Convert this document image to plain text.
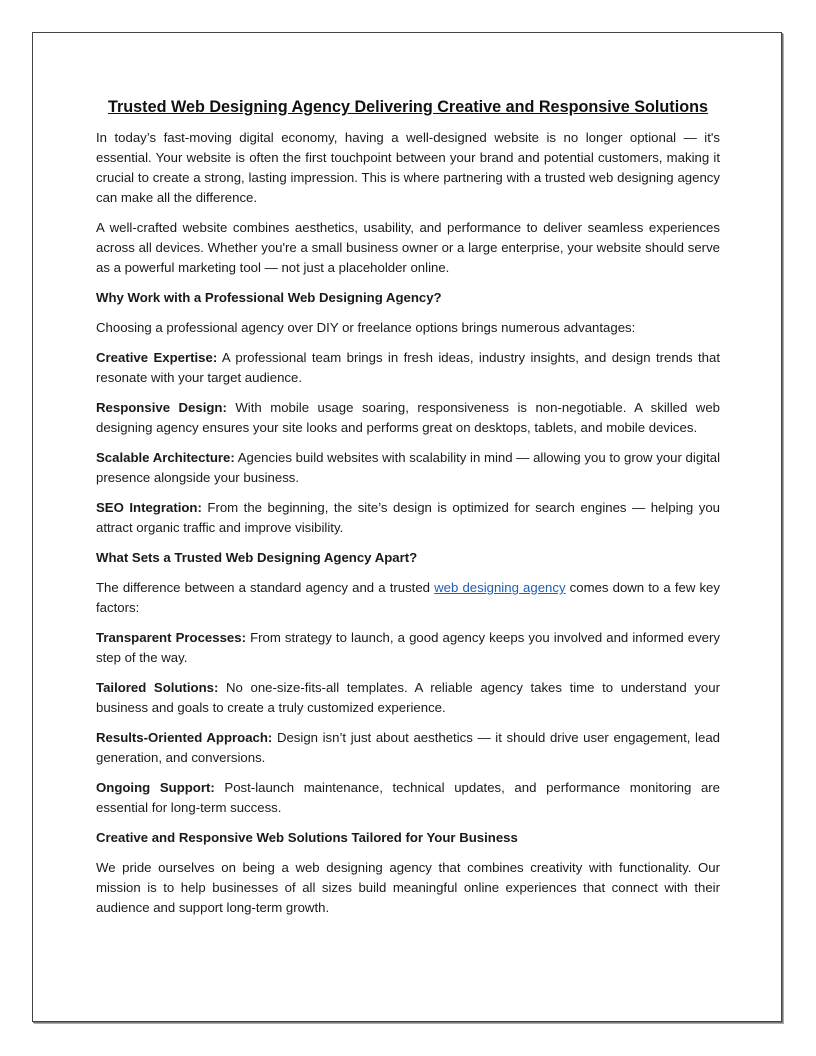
Trusted Web Designing Agency Delivering Creative and Responsive Solutions

In today’s fast-moving digital economy, having a well-designed website is no longer optional — it's essential. Your website is often the first touchpoint between your brand and potential customers, making it crucial to create a strong, lasting impression. This is where partnering with a trusted web designing agency can make all the difference.

A well-crafted website combines aesthetics, usability, and performance to deliver seamless experiences across all devices. Whether you're a small business owner or a large enterprise, your website should serve as a powerful marketing tool — not just a placeholder online.

Why Work with a Professional Web Designing Agency?

Choosing a professional agency over DIY or freelance options brings numerous advantages:

Creative Expertise: A professional team brings in fresh ideas, industry insights, and design trends that resonate with your target audience.

Responsive Design: With mobile usage soaring, responsiveness is non-negotiable. A skilled web designing agency ensures your site looks and performs great on desktops, tablets, and mobile devices.

Scalable Architecture: Agencies build websites with scalability in mind — allowing you to grow your digital presence alongside your business.

SEO Integration: From the beginning, the site’s design is optimized for search engines — helping you attract organic traffic and improve visibility.

What Sets a Trusted Web Designing Agency Apart?

The difference between a standard agency and a trusted web designing agency comes down to a few key factors:

Transparent Processes: From strategy to launch, a good agency keeps you involved and informed every step of the way.

Tailored Solutions: No one-size-fits-all templates. A reliable agency takes time to understand your business and goals to create a truly customized experience.

Results-Oriented Approach: Design isn’t just about aesthetics — it should drive user engagement, lead generation, and conversions.

Ongoing Support: Post-launch maintenance, technical updates, and performance monitoring are essential for long-term success.

Creative and Responsive Web Solutions Tailored for Your Business

We pride ourselves on being a web designing agency that combines creativity with functionality. Our mission is to help businesses of all sizes build meaningful online experiences that connect with their audience and support long-term growth.
